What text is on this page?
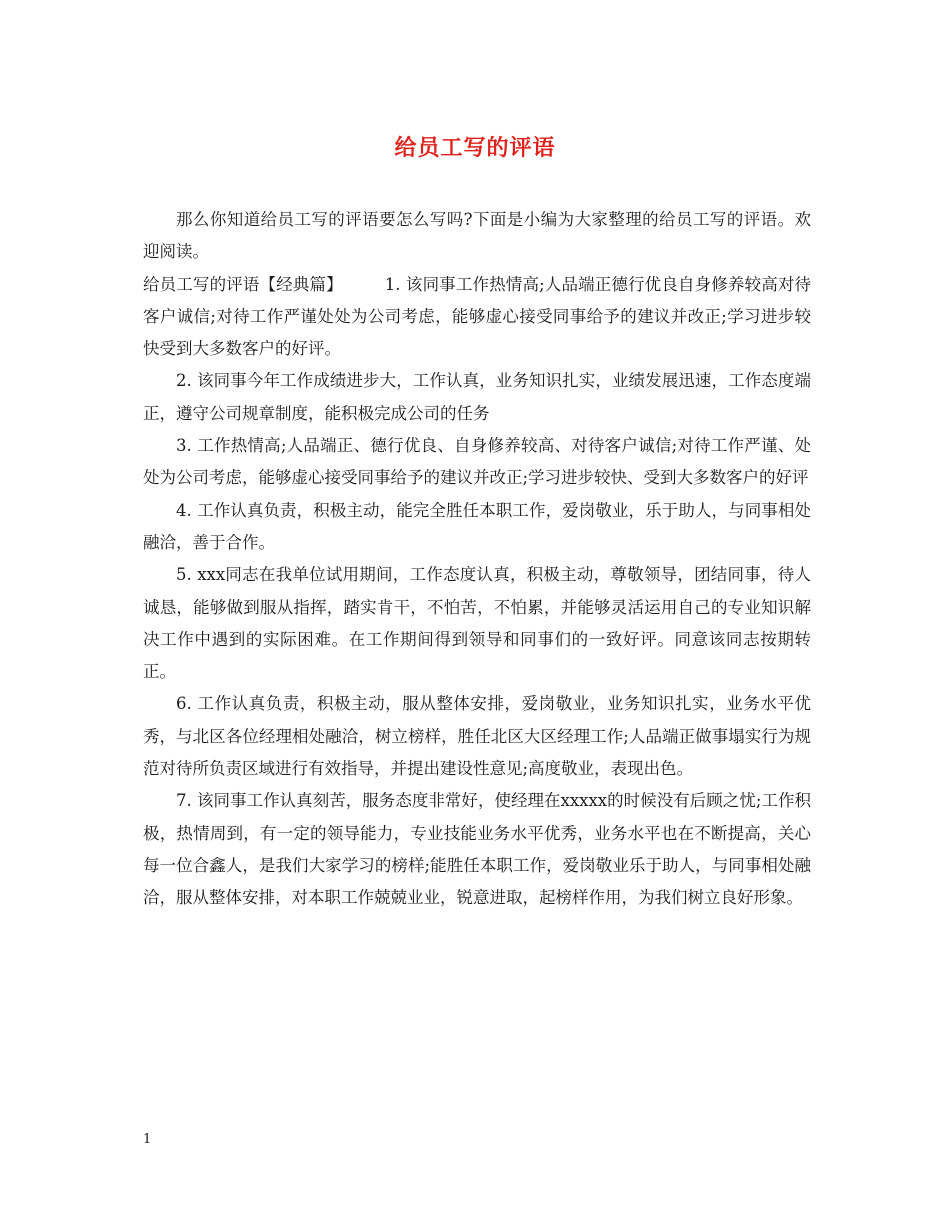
给员工写的评语

那么你知道给员工写的评语要怎么写吗?下面是小编为大家整理的给员工写的评语。欢迎阅读。

给员工写的评语【经典篇】	1. 该同事工作热情高;人品端正德行优良自身修养较高对待客户诚信;对待工作严谨处处为公司考虑，能够虚心接受同事给予的建议并改正;学习进步较快受到大多数客户的好评。

2. 该同事今年工作成绩进步大，工作认真，业务知识扎实，业绩发展迅速，工作态度端正，遵守公司规章制度，能积极完成公司的任务

3. 工作热情高;人品端正、德行优良、自身修养较高、对待客户诚信;对待工作严谨、处处为公司考虑，能够虚心接受同事给予的建议并改正;学习进步较快、受到大多数客户的好评

4. 工作认真负责，积极主动，能完全胜任本职工作，爱岗敬业，乐于助人，与同事相处融洽，善于合作。

5. xxx同志在我单位试用期间，工作态度认真，积极主动，尊敬领导，团结同事，待人诚恳，能够做到服从指挥，踏实肯干，不怕苦，不怕累，并能够灵活运用自己的专业知识解决工作中遇到的实际困难。在工作期间得到领导和同事们的一致好评。同意该同志按期转正。

6. 工作认真负责，积极主动，服从整体安排，爱岗敬业，业务知识扎实，业务水平优秀，与北区各位经理相处融洽，树立榜样，胜任北区大区经理工作;人品端正做事塌实行为规范对待所负责区域进行有效指导，并提出建设性意见;高度敬业，表现出色。

7. 该同事工作认真刻苦，服务态度非常好，使经理在xxxxx的时候没有后顾之忧;工作积极，热情周到，有一定的领导能力，专业技能业务水平优秀，业务水平也在不断提高，关心每一位合鑫人，是我们大家学习的榜样;能胜任本职工作，爱岗敬业乐于助人，与同事相处融洽，服从整体安排，对本职工作兢兢业业，锐意进取，起榜样作用，为我们树立良好形象。

1
